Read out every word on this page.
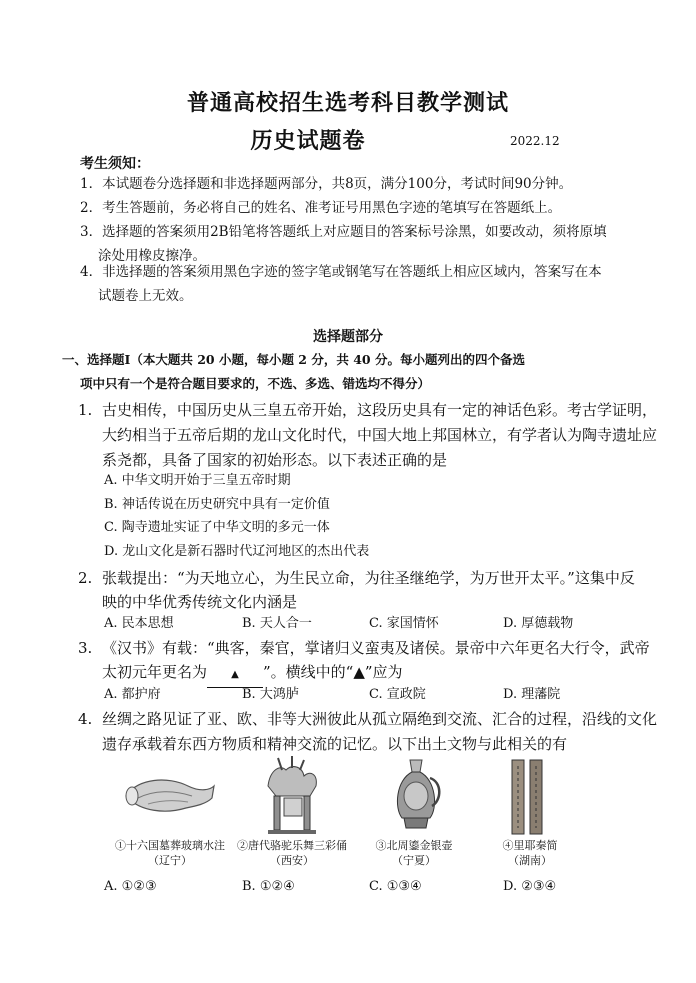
普通高校招生选考科目教学测试
历史试题卷	2022.12
考生须知：
1．本试题卷分选择题和非选择题两部分，共8页，满分100分，考试时间90分钟。
2．考生答题前，务必将自己的姓名、准考证号用黑色字迹的笔填写在答题纸上。
3．选择题的答案须用2B铅笔将答题纸上对应题目的答案标号涂黑，如要改动，须将原填
涂处用橡皮擦净。
4．非选择题的答案须用黑色字迹的签字笔或钢笔写在答题纸上相应区域内，答案写在本
试题卷上无效。
选择题部分
一、选择题Ⅰ（本大题共 20 小题，每小题 2 分，共 40 分。每小题列出的四个备选
项中只有一个是符合题目要求的，不选、多选、错选均不得分）
1. 古史相传，中国历史从三皇五帝开始，这段历史具有一定的神话色彩。考古学证明，
大约相当于五帝后期的龙山文化时代，中国大地上邦国林立，有学者认为陶寺遗址应
系尧都，具备了国家的初始形态。以下表述正确的是
A. 中华文明开始于三皇五帝时期
B. 神话传说在历史研究中具有一定价值
C. 陶寺遗址实证了中华文明的多元一体
D. 龙山文化是新石器时代辽河地区的杰出代表
2. 张载提出：“为天地立心，为生民立命，为往圣继绝学，为万世开太平。”这集中反
映的中华优秀传统文化内涵是
A. 民本思想	B. 天人合一	C. 家国情怀	D. 厚德载物
3. 《汉书》有载：“典客，秦官，掌诸归义蛮夷及诸侯。景帝中六年更名大行令，武帝
太初元年更名为 ▲ ”。横线中的“▲”应为
A. 都护府	B. 大鸿胪	C. 宣政院	D. 理藩院
4. 丝绸之路见证了亚、欧、非等大洲彼此从孤立隔绝到交流、汇合的过程，沿线的文化
遗存承载着东西方物质和精神交流的记忆。以下出土文物与此相关的有
①十六国墓葬玻璃水注
（辽宁）
②唐代骆驼乐舞三彩俑
（西安）
③北周鎏金银壶
（宁夏）
④里耶秦简
（湖南）
A. ①②③	B. ①②④	C. ①③④	D. ②③④
